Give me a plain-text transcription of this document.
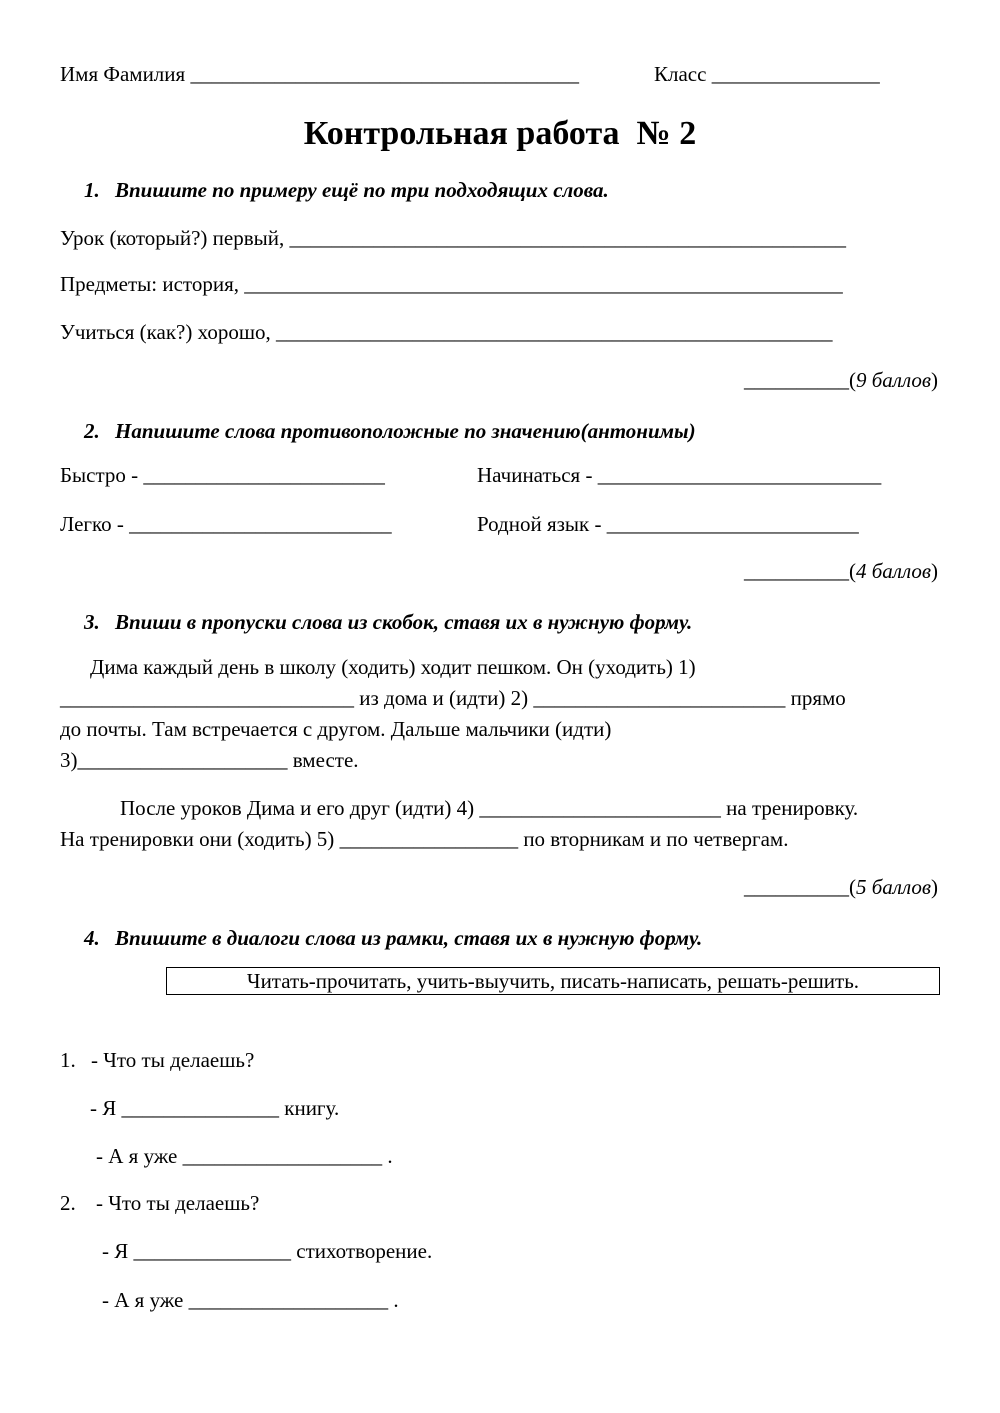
Имя Фамилия _____________________________________	Класс ________________
Контрольная работа  № 2
1. Впишите по примеру ещё по три подходящих слова.
Урок (который?) первый, _____________________________________________________
Предметы: история, _________________________________________________________
Учиться (как?) хорошо, _____________________________________________________
__________(9 баллов)
2. Напишите слова противоположные по значению(антонимы)
Быстро - _______________________	Начинаться - ___________________________
Легко - _________________________	Родной язык - ________________________
__________(4 баллов)
3. Впиши в пропуски слова из скобок, ставя их в нужную форму.
Дима каждый день в школу (ходить) ходит пешком. Он (уходить) 1)
____________________________ из дома и (идти) 2) ________________________ прямо
до почты. Там встречается с другом. Дальше мальчики (идти)
3)____________________ вместе.
После уроков Дима и его друг (идти) 4) _______________________ на тренировку.
На тренировки они (ходить) 5) _________________ по вторникам и по четвергам.
__________(5 баллов)
4. Впишите в диалоги слова из рамки, ставя их в нужную форму.
Читать-прочитать, учить-выучить, писать-написать, решать-решить.
1. - Что ты делаешь?
- Я _______________ книгу.
- А я уже ___________________ .
2. - Что ты делаешь?
- Я _______________ стихотворение.
- А я уже ___________________ .
